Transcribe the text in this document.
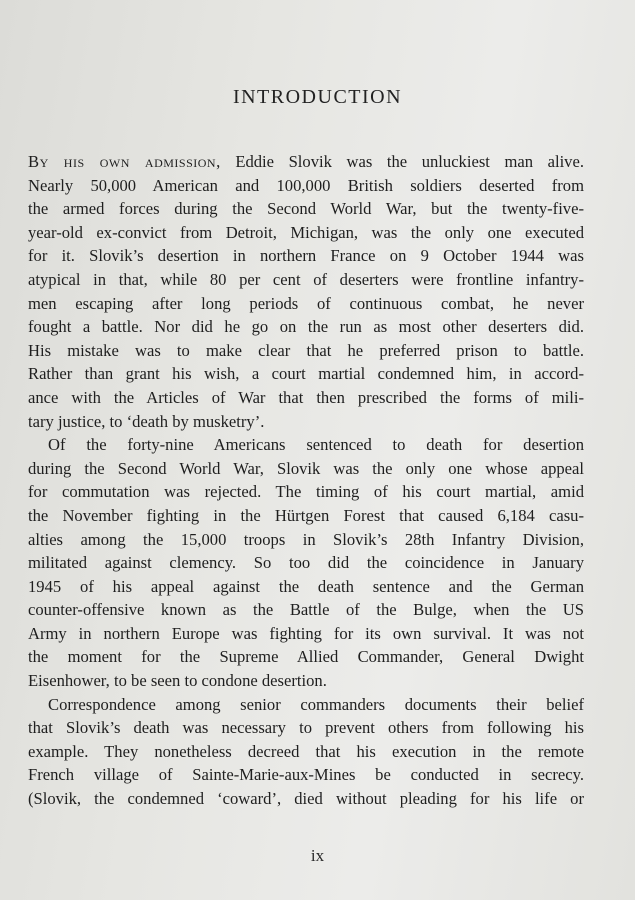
INTRODUCTION
By his own admission, Eddie Slovik was the unluckiest man alive.
Nearly 50,000 American and 100,000 British soldiers deserted from
the armed forces during the Second World War, but the twenty-five-
year-old ex-convict from Detroit, Michigan, was the only one executed
for it. Slovik’s desertion in northern France on 9 October 1944 was
atypical in that, while 80 per cent of deserters were frontline infantry-
men escaping after long periods of continuous combat, he never
fought a battle. Nor did he go on the run as most other deserters did.
His mistake was to make clear that he preferred prison to battle.
Rather than grant his wish, a court martial condemned him, in accord-
ance with the Articles of War that then prescribed the forms of mili-
tary justice, to ‘death by musketry’.
Of the forty-nine Americans sentenced to death for desertion
during the Second World War, Slovik was the only one whose appeal
for commutation was rejected. The timing of his court martial, amid
the November fighting in the Hürtgen Forest that caused 6,184 casu-
alties among the 15,000 troops in Slovik’s 28th Infantry Division,
militated against clemency. So too did the coincidence in January
1945 of his appeal against the death sentence and the German
counter-offensive known as the Battle of the Bulge, when the US
Army in northern Europe was fighting for its own survival. It was not
the moment for the Supreme Allied Commander, General Dwight
Eisenhower, to be seen to condone desertion.
Correspondence among senior commanders documents their belief
that Slovik’s death was necessary to prevent others from following his
example. They nonetheless decreed that his execution in the remote
French village of Sainte-Marie-aux-Mines be conducted in secrecy.
(Slovik, the condemned ‘coward’, died without pleading for his life or
ix
